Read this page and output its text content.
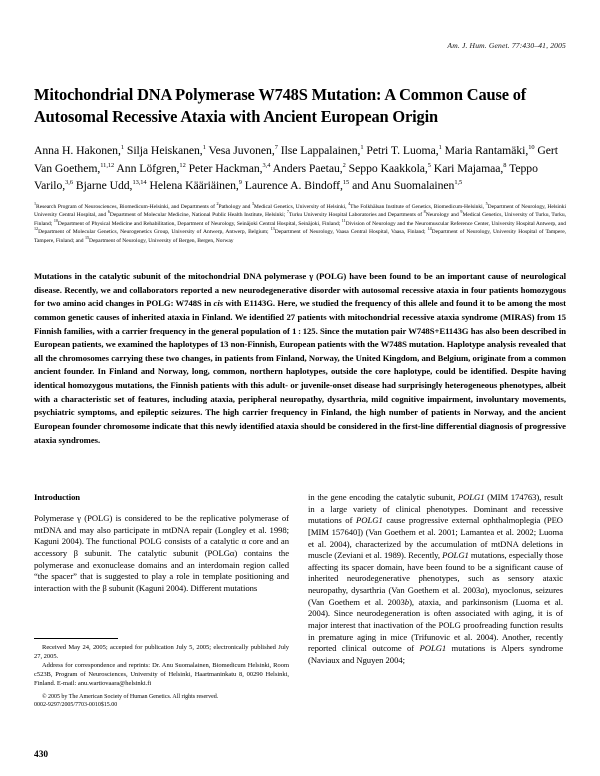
Am. J. Hum. Genet. 77:430–41, 2005
Mitochondrial DNA Polymerase W748S Mutation: A Common Cause of Autosomal Recessive Ataxia with Ancient European Origin
Anna H. Hakonen,$^1$ Silja Heiskanen,$^1$ Vesa Juvonen,$^7$ Ilse Lappalainen,$^1$ Petri T. Luoma,$^1$ Maria Rantamäki,$^{10}$ Gert Van Goethem,$^{11,12}$ Ann Löfgren,$^{12}$ Peter Hackman,$^{3,4}$ Anders Paetau,$^2$ Seppo Kaakkola,$^5$ Kari Majamaa,$^8$ Teppo Varilo,$^{3,6}$ Bjarne Udd,$^{13,14}$ Helena Kääriäinen,$^9$ Laurence A. Bindoff,$^{15}$ and Anu Suomalainen$^{1,5}$
$^1$Research Program of Neurosciences, Biomedicum-Helsinki, and Departments of $^2$Pathology and $^3$Medical Genetics, University of Helsinki, $^4$The Folkhälsan Institute of Genetics, Biomedicum-Helsinki, $^5$Department of Neurology, Helsinki University Central Hospital, and $^6$Department of Molecular Medicine, National Public Health Institute, Helsinki; $^7$Turku University Hospital Laboratories and Departments of $^8$Neurology and $^9$Medical Genetics, University of Turku, Turku, Finland; $^{10}$Department of Physical Medicine and Rehabilitation, Department of Neurology, Seinäjoki Central Hospital, Seinäjoki, Finland; $^{11}$Division of Neurology and the Neuromuscular Reference Center, University Hospital Antwerp, and $^{12}$Department of Molecular Genetics, Neurogenetics Group, University of Antwerp, Antwerp, Belgium; $^{13}$Department of Neurology, Vaasa Central Hospital, Vaasa, Finland; $^{14}$Department of Neurology, University Hospital of Tampere, Tampere, Finland; and $^{15}$Department of Neurology, University of Bergen, Bergen, Norway
Mutations in the catalytic subunit of the mitochondrial DNA polymerase γ (POLG) have been found to be an important cause of neurological disease. Recently, we and collaborators reported a new neurodegenerative disorder with autosomal recessive ataxia in four patients homozygous for two amino acid changes in POLG: W748S in cis with E1143G. Here, we studied the frequency of this allele and found it to be among the most common genetic causes of inherited ataxia in Finland. We identified 27 patients with mitochondrial recessive ataxia syndrome (MIRAS) from 15 Finnish families, with a carrier frequency in the general population of 1 : 125. Since the mutation pair W748S+E1143G has also been described in European patients, we examined the haplotypes of 13 non-Finnish, European patients with the W748S mutation. Haplotype analysis revealed that all the chromosomes carrying these two changes, in patients from Finland, Norway, the United Kingdom, and Belgium, originate from a common ancient founder. In Finland and Norway, long, common, northern haplotypes, outside the core haplotype, could be identified. Despite having identical homozygous mutations, the Finnish patients with this adult- or juvenile-onset disease had surprisingly heterogeneous phenotypes, albeit with a characteristic set of features, including ataxia, peripheral neuropathy, dysarthria, mild cognitive impairment, involuntary movements, psychiatric symptoms, and epileptic seizures. The high carrier frequency in Finland, the high number of patients in Norway, and the ancient European founder chromosome indicate that this newly identified ataxia should be considered in the first-line differential diagnosis of progressive ataxia syndromes.
Introduction

Polymerase γ (POLG) is considered to be the replicative polymerase of mtDNA and may also participate in mtDNA repair (Longley et al. 1998; Kaguni 2004). The functional POLG consists of a catalytic α core and an accessory β subunit. The catalytic subunit (POLGα) contains the polymerase and exonuclease domains and an interdomain region called “the spacer” that is suggested to play a role in template positioning and interaction with the β subunit (Kaguni 2004). Different mutations

Received May 24, 2005; accepted for publication July 5, 2005; electronically published July 27, 2005.

Address for correspondence and reprints: Dr. Anu Suomalainen, Biomedicum Helsinki, Room c523B, Program of Neurosciences, University of Helsinki, Haartmaninkatu 8, 00290 Helsinki, Finland. E-mail: anu.wartiovaara@helsinki.fi

© 2005 by The American Society of Human Genetics. All rights reserved.
0002-9297/2005/7703-0010$15.00

in the gene encoding the catalytic subunit, POLG1 (MIM 174763), result in a large variety of clinical phenotypes. Dominant and recessive mutations of POLG1 cause progressive external ophthalmoplegia (PEO [MIM 157640]) (Van Goethem et al. 2001; Lamantea et al. 2002; Luoma et al. 2004), characterized by the accumulation of mtDNA deletions in muscle (Zeviani et al. 1989). Recently, POLG1 mutations, especially those affecting its spacer domain, have been found to be a significant cause of inherited neurodegenerative phenotypes, such as sensory ataxic neuropathy, dysarthria (Van Goethem et al. 2003a), myoclonus, seizures (Van Goethem et al. 2003b), ataxia, and parkinsonism (Luoma et al. 2004). Since neurodegeneration is often associated with aging, it is of major interest that inactivation of the POLG proofreading function results in premature aging in mice (Trifunovic et al. 2004). Another, recently reported clinical outcome of POLG1 mutations is Alpers syndrome (Naviaux and Nguyen 2004;

430
